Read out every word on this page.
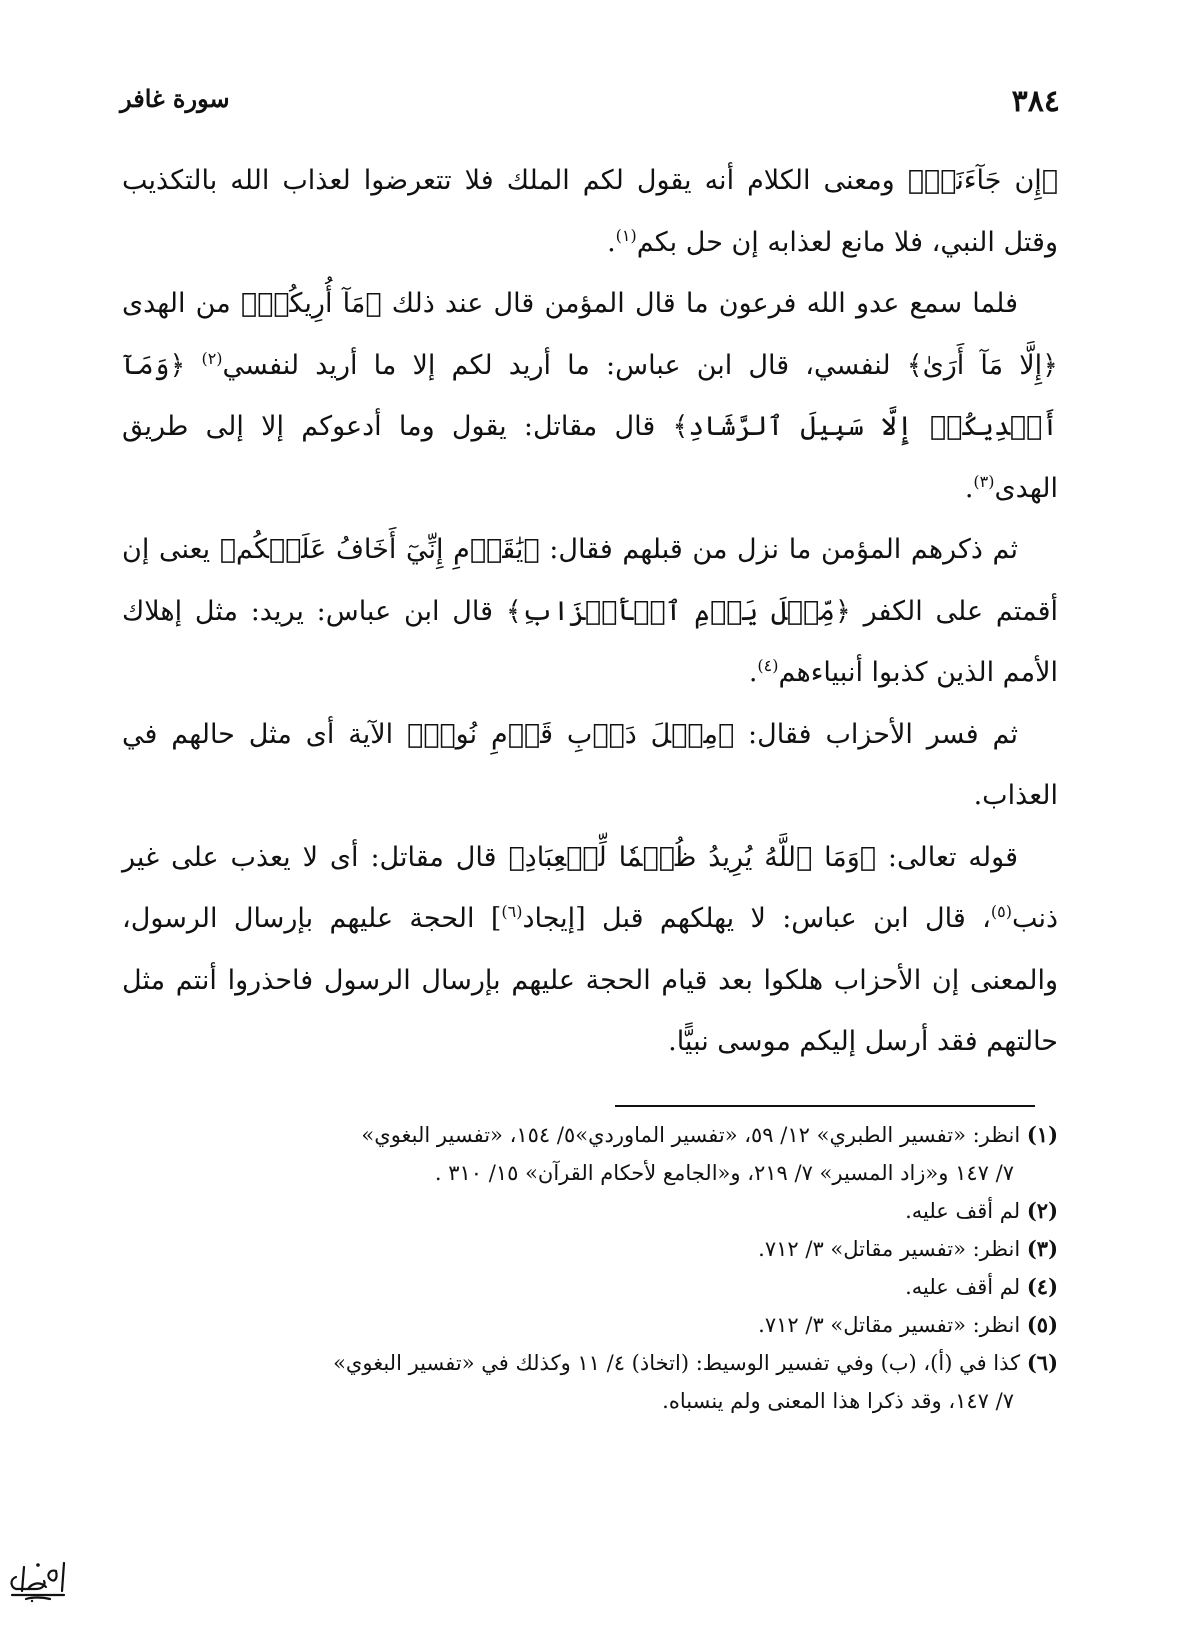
٣٨٤
سورة غافر

﴿إِن جَآءَنَاۚ﴾ ومعنى الكلام أنه يقول لكم الملك فلا تتعرضوا لعذاب الله بالتكذيب وقتل النبي، فلا مانع لعذابه إن حل بكم$^{(١)}$.

فلما سمع عدو الله فرعون ما قال المؤمن قال عند ذلك ﴿مَآ أُرِيكُمۡ﴾ من الهدى ﴿إِلَّا مَآ أَرَىٰ﴾ لنفسي، قال ابن عباس: ما أريد لكم إلا ما أريد لنفسي$^{(٢)}$ ﴿وَمَآ أَهۡدِيكُمۡ إِلَّا سَبِيلَ ٱلرَّشَادِ﴾ قال مقاتل: يقول وما أدعوكم إلا إلى طريق الهدى$^{(٣)}$.

ثم ذكرهم المؤمن ما نزل من قبلهم فقال: ﴿يَٰقَوۡمِ إِنِّيٓ أَخَافُ عَلَيۡكُم﴾ يعنى إن أقمتم على الكفر ﴿مِّثۡلَ يَوۡمِ ٱلۡأَحۡزَابِ﴾ قال ابن عباس: يريد: مثل إهلاك الأمم الذين كذبوا أنبياءهم$^{(٤)}$.

ثم فسر الأحزاب فقال: ﴿مِثۡلَ دَأۡبِ قَوۡمِ نُوحٖ﴾ الآية أى مثل حالهم في العذاب.

قوله تعالى: ﴿وَمَا ٱللَّهُ يُرِيدُ ظُلۡمٗا لِّلۡعِبَادِ﴾ قال مقاتل: أى لا يعذب على غير ذنب$^{(٥)}$، قال ابن عباس: لا يهلكهم قبل [إيجاد$^{(٦)}$] الحجة عليهم بإرسال الرسول، والمعنى إن الأحزاب هلكوا بعد قيام الحجة عليهم بإرسال الرسول فاحذروا أنتم مثل حالتهم فقد أرسل إليكم موسى نبيًّا.

(١) انظر: «تفسير الطبري» ١٢/ ٥٩، «تفسير الماوردي»٥/ ١٥٤، «تفسير البغوي»
٧/ ١٤٧ و«زاد المسير» ٧/ ٢١٩، و«الجامع لأحكام القرآن» ١٥/ ٣١٠ .

(٢) لم أقف عليه.

(٣) انظر: «تفسير مقاتل» ٣/ ٧١٢.

(٤) لم أقف عليه.

(٥) انظر: «تفسير مقاتل» ٣/ ٧١٢.

(٦) كذا في (أ)، (ب) وفي تفسير الوسيط: (اتخاذ) ٤/ ١١ وكذلك في «تفسير البغوي»
٧/ ١٤٧، وقد ذكرا هذا المعنى ولم ينسباه.
